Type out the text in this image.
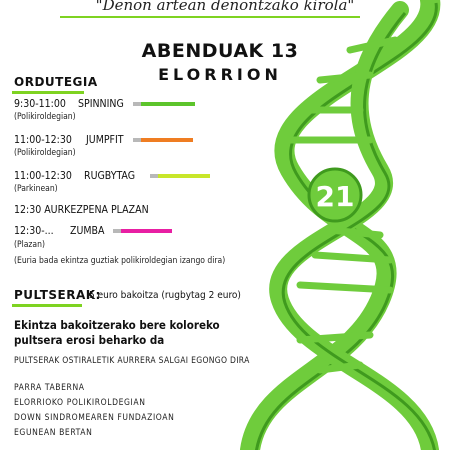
21
"Denon artean denontzako kirola"
ABENDUAK 13
ELORRION
ORDUTEGIA
9:30-11:00 SPINNING
(Polikiroldegian)
11:00-12:30 JUMPFIT
(Polikiroldegian)
11:00-12:30 RUGBYTAG
(Parkinean)
12:30 AURKEZPENA PLAZAN
12:30-... ZUMBA
(Plazan)
(Euria bada ekintza guztiak polikiroldegian izango dira)
PULTSERAK:
5 euro bakoitza (rugbytag 2 euro)
Ekintza bakoitzerako bere koloreko
pultsera erosi beharko da
PULTSERAK OSTIRALETIK AURRERA SALGAI EGONGO DIRA
PARRA TABERNA
ELORRIOKO POLIKIROLDEGIAN
DOWN SINDROMEAREN FUNDAZIOAN
EGUNEAN BERTAN
